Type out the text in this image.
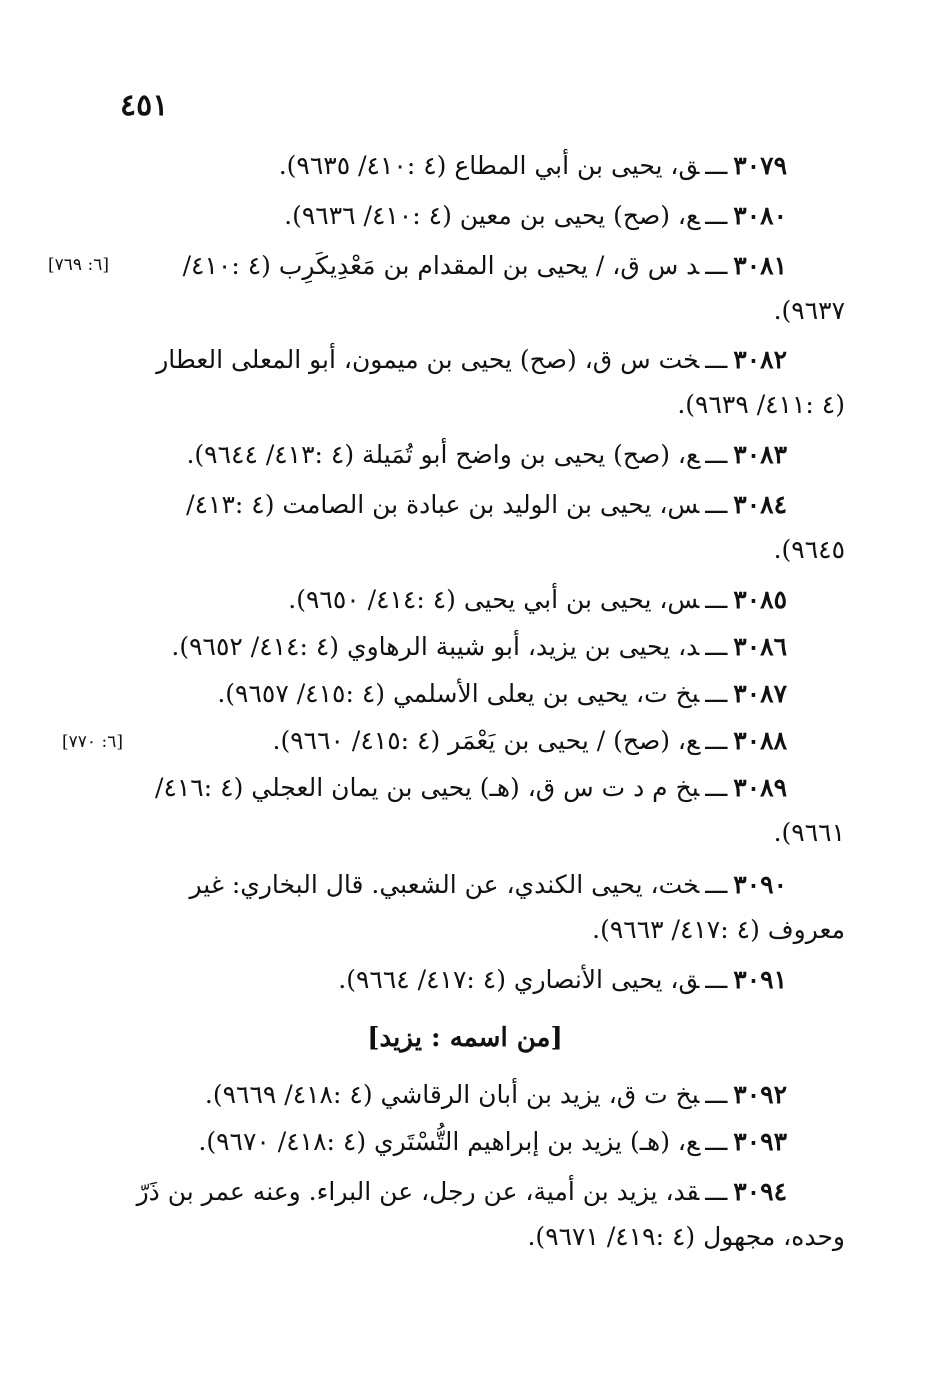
٤٥١
٣٠٧٩ـــق، يحيى بن أبي المطاع (٤ :٤١٠/ ٩٦٣٥).
٣٠٨٠ـــع، (صح) يحيى بن معين (٤ :٤١٠/ ٩٦٣٦).
٣٠٨١ـــد س ق، / يحيى بن المقدام بن مَعْدِيكَرِب (٤ :٤١٠/
٩٦٣٧).
[٦: ٧٦٩]
٣٠٨٢ـــخت س ق، (صح) يحيى بن ميمون، أبو المعلى العطار
(٤ :٤١١/ ٩٦٣٩).
٣٠٨٣ـــع، (صح) يحيى بن واضح أبو تُمَيلة (٤ :٤١٣/ ٩٦٤٤).
٣٠٨٤ـــس، يحيى بن الوليد بن عبادة بن الصامت (٤ :٤١٣/
٩٦٤٥).
٣٠٨٥ـــس، يحيى بن أبي يحيى (٤ :٤١٤/ ٩٦٥٠).
٣٠٨٦ـــد، يحيى بن يزيد، أبو شيبة الرهاوي (٤ :٤١٤/ ٩٦٥٢).
٣٠٨٧ـــبخ ت، يحيى بن يعلى الأسلمي (٤ :٤١٥/ ٩٦٥٧).
٣٠٨٨ـــع، (صح) / يحيى بن يَعْمَر (٤ :٤١٥/ ٩٦٦٠).
[٦: ٧٧٠]
٣٠٨٩ـــبخ م د ت س ق، (هـ) يحيى بن يمان العجلي (٤ :٤١٦/
٩٦٦١).
٣٠٩٠ـــخت، يحيى الكندي، عن الشعبي. قال البخاري: غير
معروف (٤ :٤١٧/ ٩٦٦٣).
٣٠٩١ـــق، يحيى الأنصاري (٤ :٤١٧/ ٩٦٦٤).
[من اسمه : يزيد]
٣٠٩٢ـــبخ ت ق، يزيد بن أبان الرقاشي (٤ :٤١٨/ ٩٦٦٩).
٣٠٩٣ـــع، (هـ) يزيد بن إبراهيم التُّسْتَري (٤ :٤١٨/ ٩٦٧٠).
٣٠٩٤ـــقد، يزيد بن أمية، عن رجل، عن البراء. وعنه عمر بن ذَرّ
وحده، مجهول (٤ :٤١٩/ ٩٦٧١).
